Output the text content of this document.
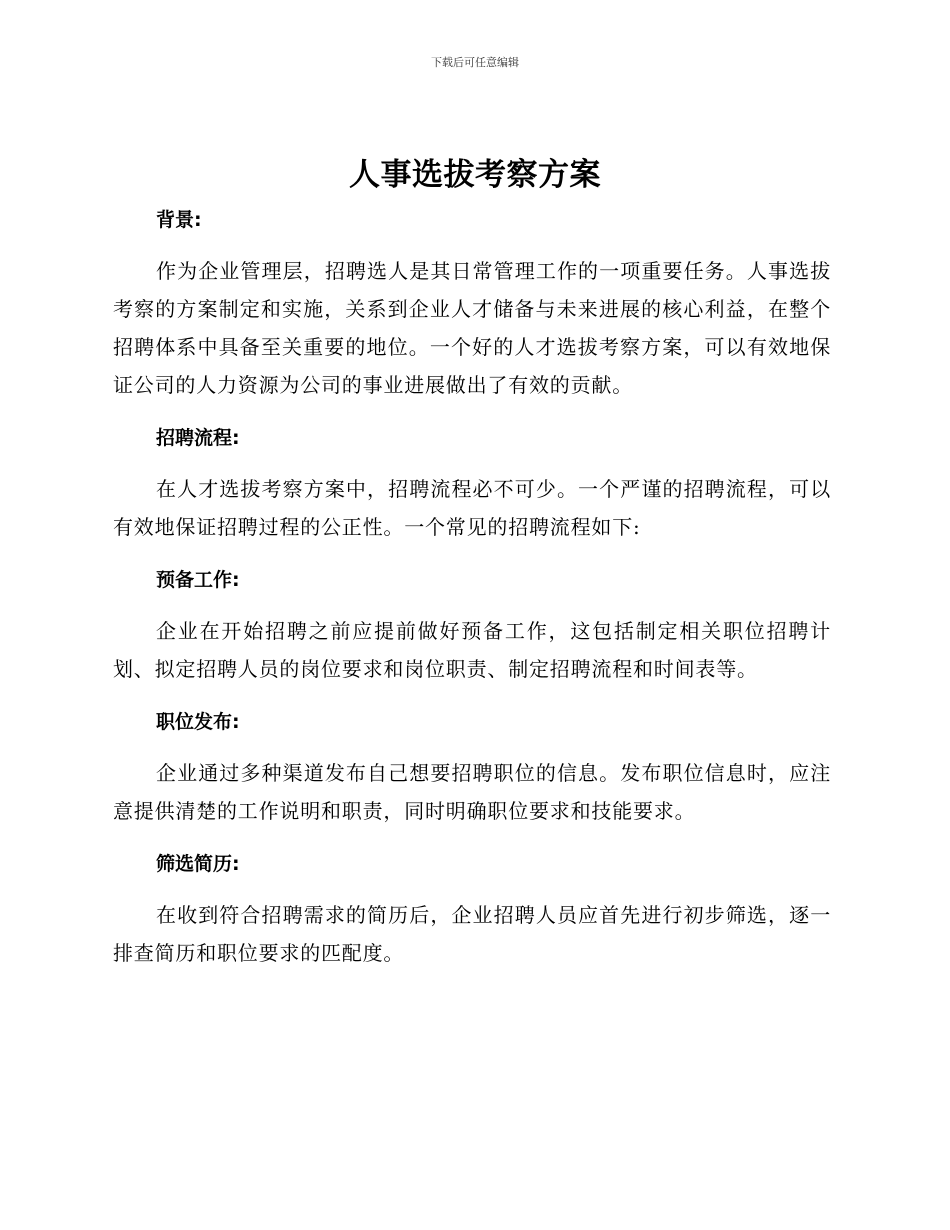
下载后可任意编辑
人事选拔考察方案

背景:

作为企业管理层，招聘选人是其日常管理工作的一项重要任务。人事选拔考察的方案制定和实施，关系到企业人才储备与未来进展的核心利益，在整个招聘体系中具备至关重要的地位。一个好的人才选拔考察方案，可以有效地保证公司的人力资源为公司的事业进展做出了有效的贡献。

招聘流程:

在人才选拔考察方案中，招聘流程必不可少。一个严谨的招聘流程，可以有效地保证招聘过程的公正性。一个常见的招聘流程如下:

预备工作:

企业在开始招聘之前应提前做好预备工作，这包括制定相关职位招聘计划、拟定招聘人员的岗位要求和岗位职责、制定招聘流程和时间表等。

职位发布:

企业通过多种渠道发布自己想要招聘职位的信息。发布职位信息时，应注意提供清楚的工作说明和职责，同时明确职位要求和技能要求。

筛选简历:

在收到符合招聘需求的简历后，企业招聘人员应首先进行初步筛选，逐一排查简历和职位要求的匹配度。
